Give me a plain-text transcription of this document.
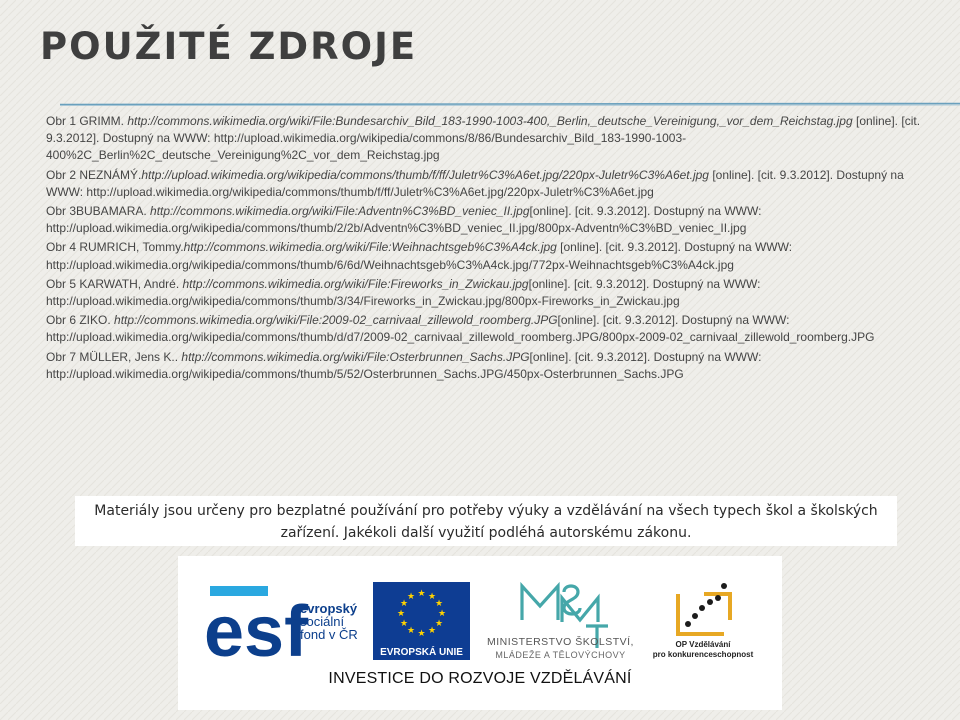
POUŽITÉ ZDROJE
Obr 1 GRIMM. http://commons.wikimedia.org/wiki/File:Bundesarchiv_Bild_183-1990-1003-400,_Berlin,_deutsche_Vereinigung,_vor_dem_Reichstag.jpg [online]. [cit. 9.3.2012]. Dostupný na WWW: http://upload.wikimedia.org/wikipedia/commons/8/86/Bundesarchiv_Bild_183-1990-1003-400%2C_Berlin%2C_deutsche_Vereinigung%2C_vor_dem_Reichstag.jpg
Obr 2 NEZNÁMÝ.http://upload.wikimedia.org/wikipedia/commons/thumb/f/ff/Juletr%C3%A6et.jpg/220px-Juletr%C3%A6et.jpg [online]. [cit. 9.3.2012]. Dostupný na WWW: http://upload.wikimedia.org/wikipedia/commons/thumb/f/ff/Juletr%C3%A6et.jpg/220px-Juletr%C3%A6et.jpg
Obr 3BUBAMARA. http://commons.wikimedia.org/wiki/File:Adventn%C3%BD_veniec_II.jpg[online]. [cit. 9.3.2012]. Dostupný na WWW: http://upload.wikimedia.org/wikipedia/commons/thumb/2/2b/Adventn%C3%BD_veniec_II.jpg/800px-Adventn%C3%BD_veniec_II.jpg
Obr 4 RUMRICH, Tommy.http://commons.wikimedia.org/wiki/File:Weihnachtsgeb%C3%A4ck.jpg [online]. [cit. 9.3.2012]. Dostupný na WWW: http://upload.wikimedia.org/wikipedia/commons/thumb/6/6d/Weihnachtsgeb%C3%A4ck.jpg/772px-Weihnachtsgeb%C3%A4ck.jpg
Obr 5 KARWATH, André. http://commons.wikimedia.org/wiki/File:Fireworks_in_Zwickau.jpg[online]. [cit. 9.3.2012]. Dostupný na WWW: http://upload.wikimedia.org/wikipedia/commons/thumb/3/34/Fireworks_in_Zwickau.jpg/800px-Fireworks_in_Zwickau.jpg
Obr 6 ZIKO. http://commons.wikimedia.org/wiki/File:2009-02_carnivaal_zillewold_roomberg.JPG[online]. [cit. 9.3.2012]. Dostupný na WWW: http://upload.wikimedia.org/wikipedia/commons/thumb/d/d7/2009-02_carnivaal_zillewold_roomberg.JPG/800px-2009-02_carnivaal_zillewold_roomberg.JPG
Obr 7 MÜLLER, Jens K.. http://commons.wikimedia.org/wiki/File:Osterbrunnen_Sachs.JPG[online]. [cit. 9.3.2012]. Dostupný na WWW: http://upload.wikimedia.org/wikipedia/commons/thumb/5/52/Osterbrunnen_Sachs.JPG/450px-Osterbrunnen_Sachs.JPG
Materiály jsou určeny pro bezplatné používání pro potřeby výuky a vzdělávání na všech typech škol a školských zařízení. Jakékoli další využití podléhá autorskému zákonu.
esf
evropský
sociální
fond v ČR
★ ★
★
★
★
★
★
★
★
★
★
★
EVROPSKÁ UNIE
MINISTERSTVO ŠKOLSTVÍ,
MLÁDEŽE A TĚLOVÝCHOVY
OP Vzdělávání
pro konkurenceschopnost
INVESTICE DO ROZVOJE VZDĚLÁVÁNÍ
